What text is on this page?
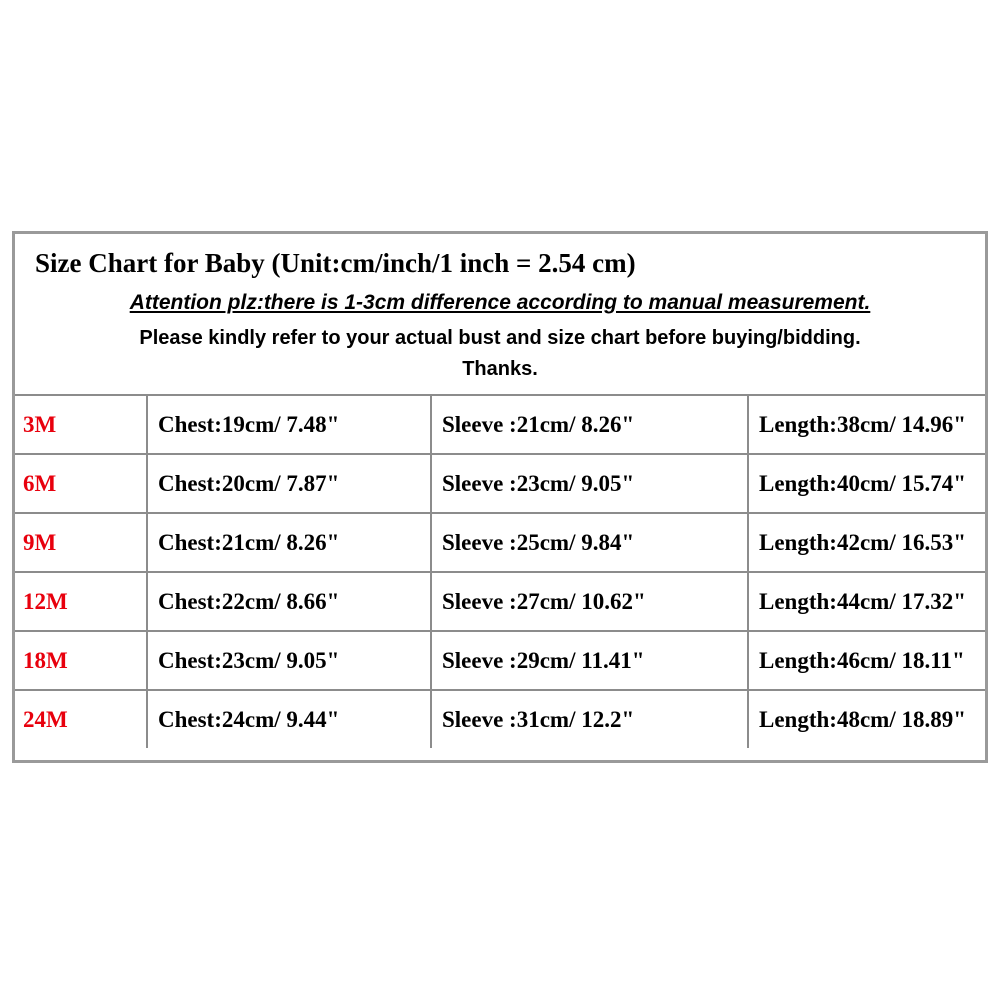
Size Chart for Baby (Unit:cm/inch/1 inch = 2.54 cm)
Attention plz:there is 1-3cm difference according to manual measurement.
Please kindly refer to your actual bust and size chart before buying/bidding.
Thanks.
3M	Chest:19cm/ 7.48"	Sleeve :21cm/ 8.26"	Length:38cm/ 14.96"
6M	Chest:20cm/ 7.87"	Sleeve :23cm/ 9.05"	Length:40cm/ 15.74"
9M	Chest:21cm/ 8.26"	Sleeve :25cm/ 9.84"	Length:42cm/ 16.53"
12M	Chest:22cm/ 8.66"	Sleeve :27cm/ 10.62"	Length:44cm/ 17.32"
18M	Chest:23cm/ 9.05"	Sleeve :29cm/ 11.41"	Length:46cm/ 18.11"
24M	Chest:24cm/ 9.44"	Sleeve :31cm/ 12.2"	Length:48cm/ 18.89"
